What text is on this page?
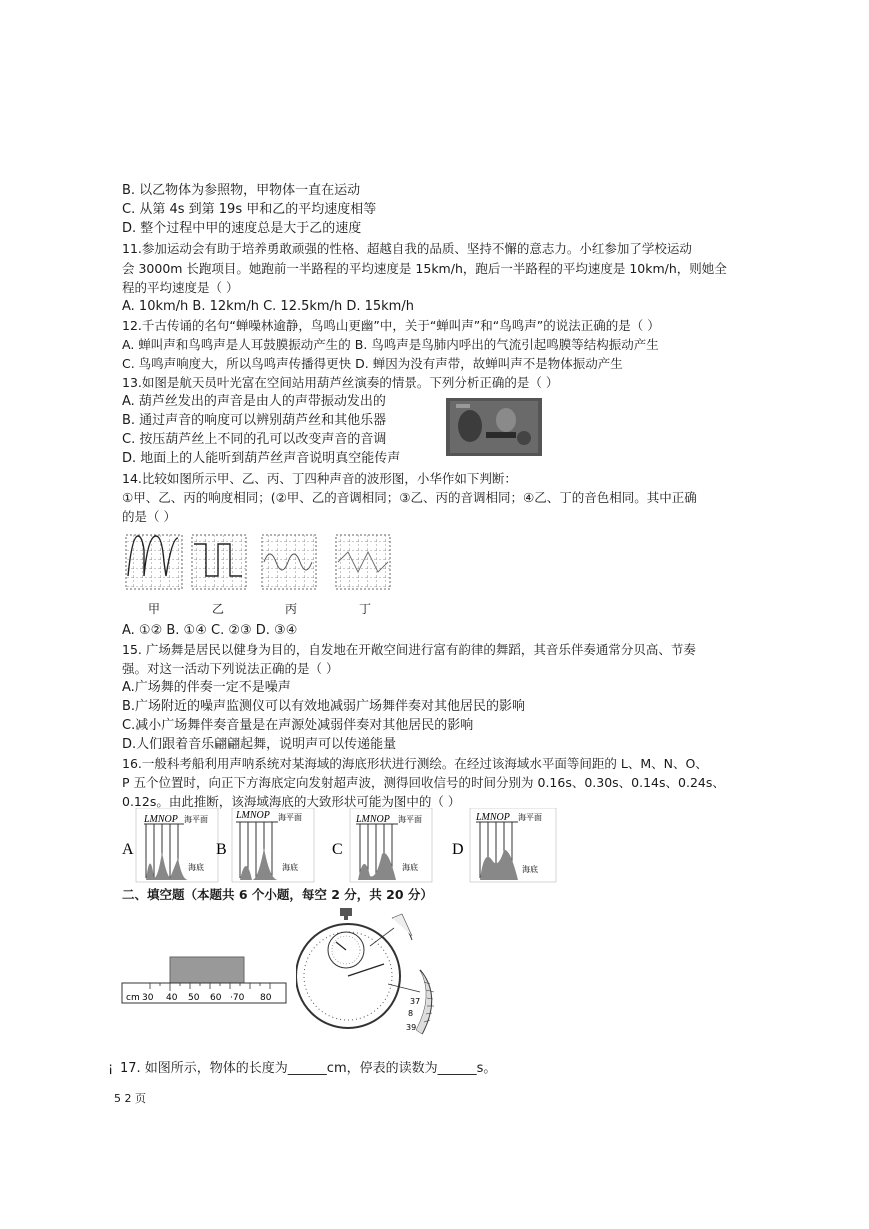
B. 以乙物体为参照物，甲物体一直在运动
C. 从第 4s 到第 19s 甲和乙的平均速度相等
D. 整个过程中甲的速度总是大于乙的速度
11.参加运动会有助于培养勇敢顽强的性格、超越自我的品质、坚持不懈的意志力。小红参加了学校运动
会 3000m 长跑项目。她跑前一半路程的平均速度是 15km/h，跑后一半路程的平均速度是 10km/h，则她全
程的平均速度是（ ）
A. 10km/h B. 12km/h C. 12.5km/h D. 15km/h
12.千古传诵的名句“蝉噪林逾静，鸟鸣山更幽”中，关于“蝉叫声”和“鸟鸣声”的说法正确的是（ ）
A. 蝉叫声和鸟鸣声是人耳鼓膜振动产生的 B. 鸟鸣声是鸟肺内呼出的气流引起鸣膜等结构振动产生
C. 鸟鸣声响度大，所以鸟鸣声传播得更快 D. 蝉因为没有声带，故蝉叫声不是物体振动产生
13.如图是航天员叶光富在空间站用葫芦丝演奏的情景。下列分析正确的是（ ）
A. 葫芦丝发出的声音是由人的声带振动发出的
B. 通过声音的响度可以辨别葫芦丝和其他乐器
C. 按压葫芦丝上不同的孔可以改变声音的音调
D. 地面上的人能听到葫芦丝声音说明真空能传声
14.比较如图所示甲、乙、丙、丁四种声音的波形图，小华作如下判断：
①甲、乙、丙的响度相同；(②甲、乙的音调相同；③乙、丙的音调相同；④乙、丁的音色相同。其中正确
的是（ ）
甲	乙	丙	丁
A. ①② B. ①④ C. ②③ D. ③④
15. 广场舞是居民以健身为目的，自发地在开敞空间进行富有韵律的舞蹈，其音乐伴奏通常分贝高、节奏
强。对这一活动下列说法正确的是（ ）
A.广场舞的伴奏一定不是噪声
B.广场附近的噪声监测仪可以有效地减弱广场舞伴奏对其他居民的影响
C.减小广场舞伴奏音量是在声源处减弱伴奏对其他居民的影响
D.人们跟着音乐翩翩起舞，说明声可以传递能量
16.一般科考船利用声呐系统对某海域的海底形状进行测绘。在经过该海域水平面等间距的 L、M、N、O、
P 五个位置时，向正下方海底定向发射超声波，测得回收信号的时间分别为 0.16s、0.30s、0.14s、0.24s、
0.12s。由此推断，该海域海底的大致形状可能为图中的（ ）
A
LMNOP 海平面
海底
B
LMNOP 海平面
海底
C
LMNOP 海平面
海底
D
LMNOP 海平面
海底
二、填空题（本题共 6 个小题，每空 2 分，共 20 分）
cm 30 40 50 60 ·70 80	37
8
39
¡ 17. 如图所示，物体的长度为______cm，停表的读数为______s。
5 2 页
